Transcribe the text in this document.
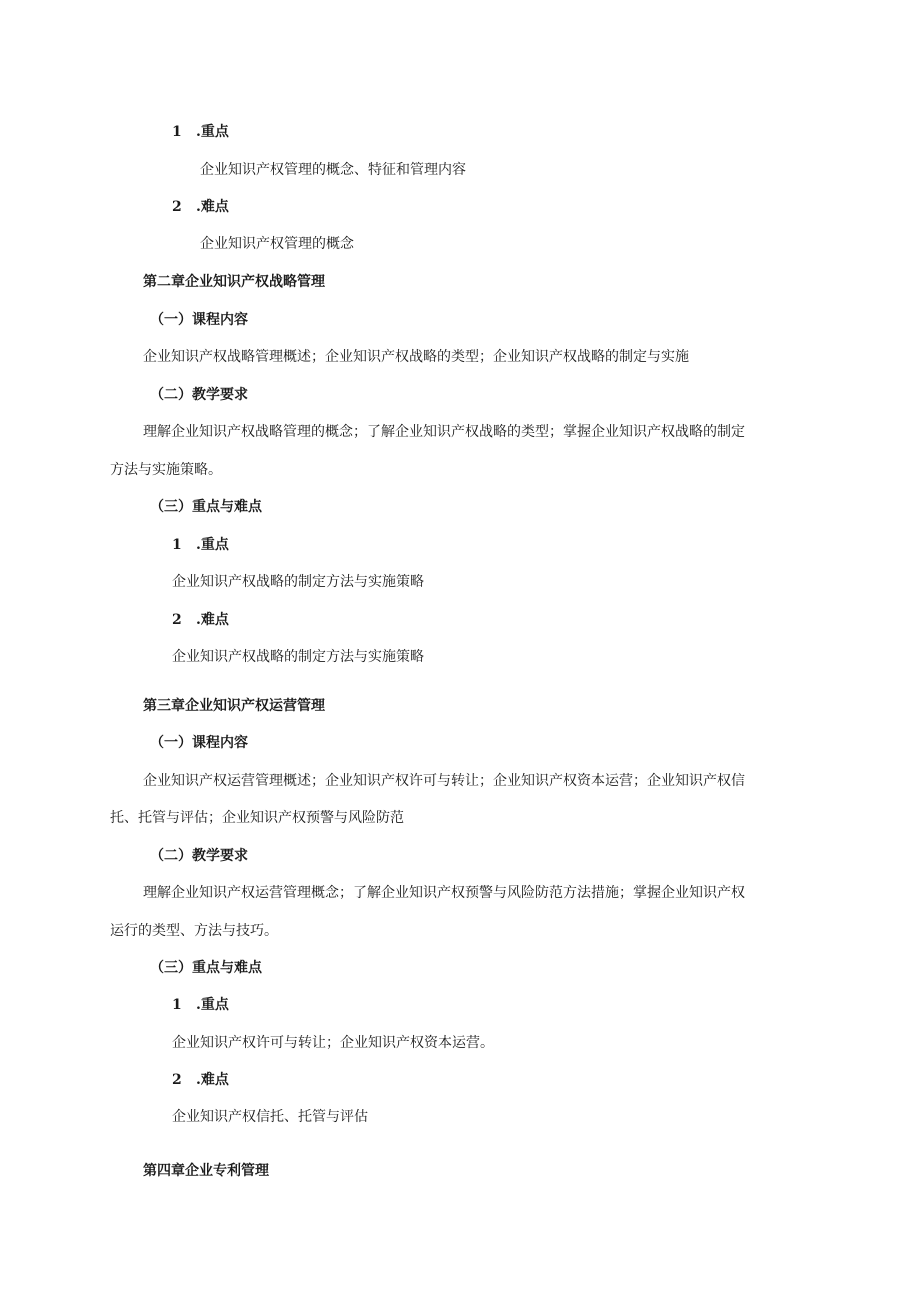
1 .重点
企业知识产权管理的概念、特征和管理内容
2 .难点
企业知识产权管理的概念
第二章企业知识产权战略管理
（一）课程内容
企业知识产权战略管理概述；企业知识产权战略的类型；企业知识产权战略的制定与实施
（二）教学要求
理解企业知识产权战略管理的概念；了解企业知识产权战略的类型；掌握企业知识产权战略的制定
方法与实施策略。
（三）重点与难点
1 .重点
企业知识产权战略的制定方法与实施策略
2 .难点
企业知识产权战略的制定方法与实施策略
第三章企业知识产权运营管理
（一）课程内容
企业知识产权运营管理概述；企业知识产权许可与转让；企业知识产权资本运营；企业知识产权信
托、托管与评估；企业知识产权预警与风险防范
（二）教学要求
理解企业知识产权运营管理概念；了解企业知识产权预警与风险防范方法措施；掌握企业知识产权
运行的类型、方法与技巧。
（三）重点与难点
1 .重点
企业知识产权许可与转让；企业知识产权资本运营。
2 .难点
企业知识产权信托、托管与评估
第四章企业专利管理
